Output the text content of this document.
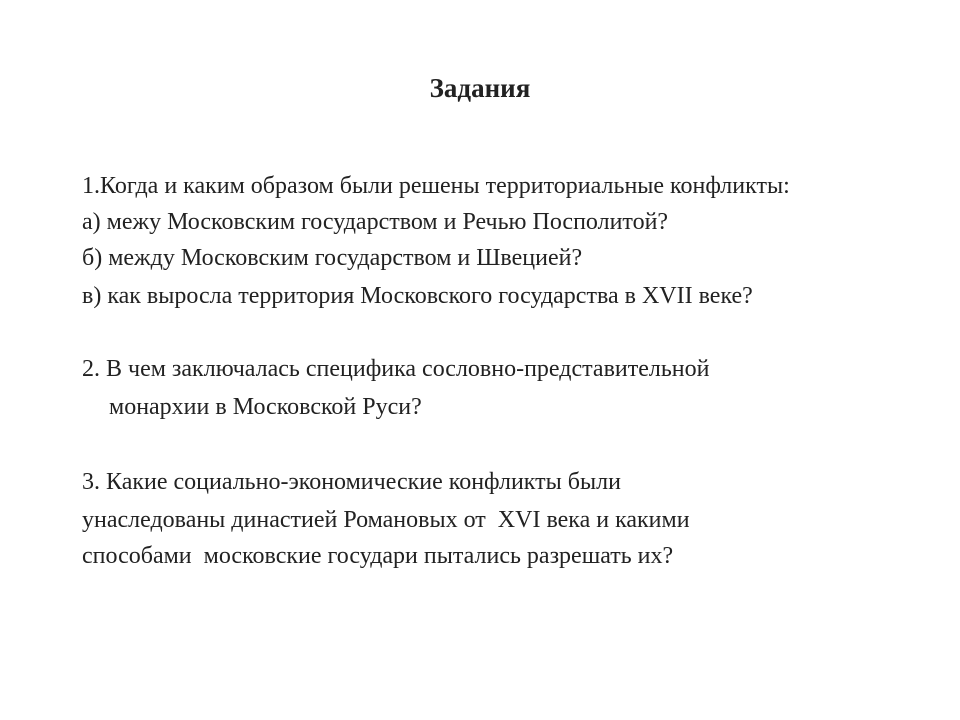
Задания

1.Когда и каким образом были решены территориальные конфликты:

а) межу Московским государством и Речью Посполитой?

б) между Московским государством и Швецией?

в) как выросла территория Московского государства в XVII веке?

2. В чем заключалась специфика сословно-представительной

монархии в Московской Руси?

3. Какие социально-экономические конфликты были

унаследованы династией Романовых от  XVI века и какими

способами  московские государи пытались разрешать их?
